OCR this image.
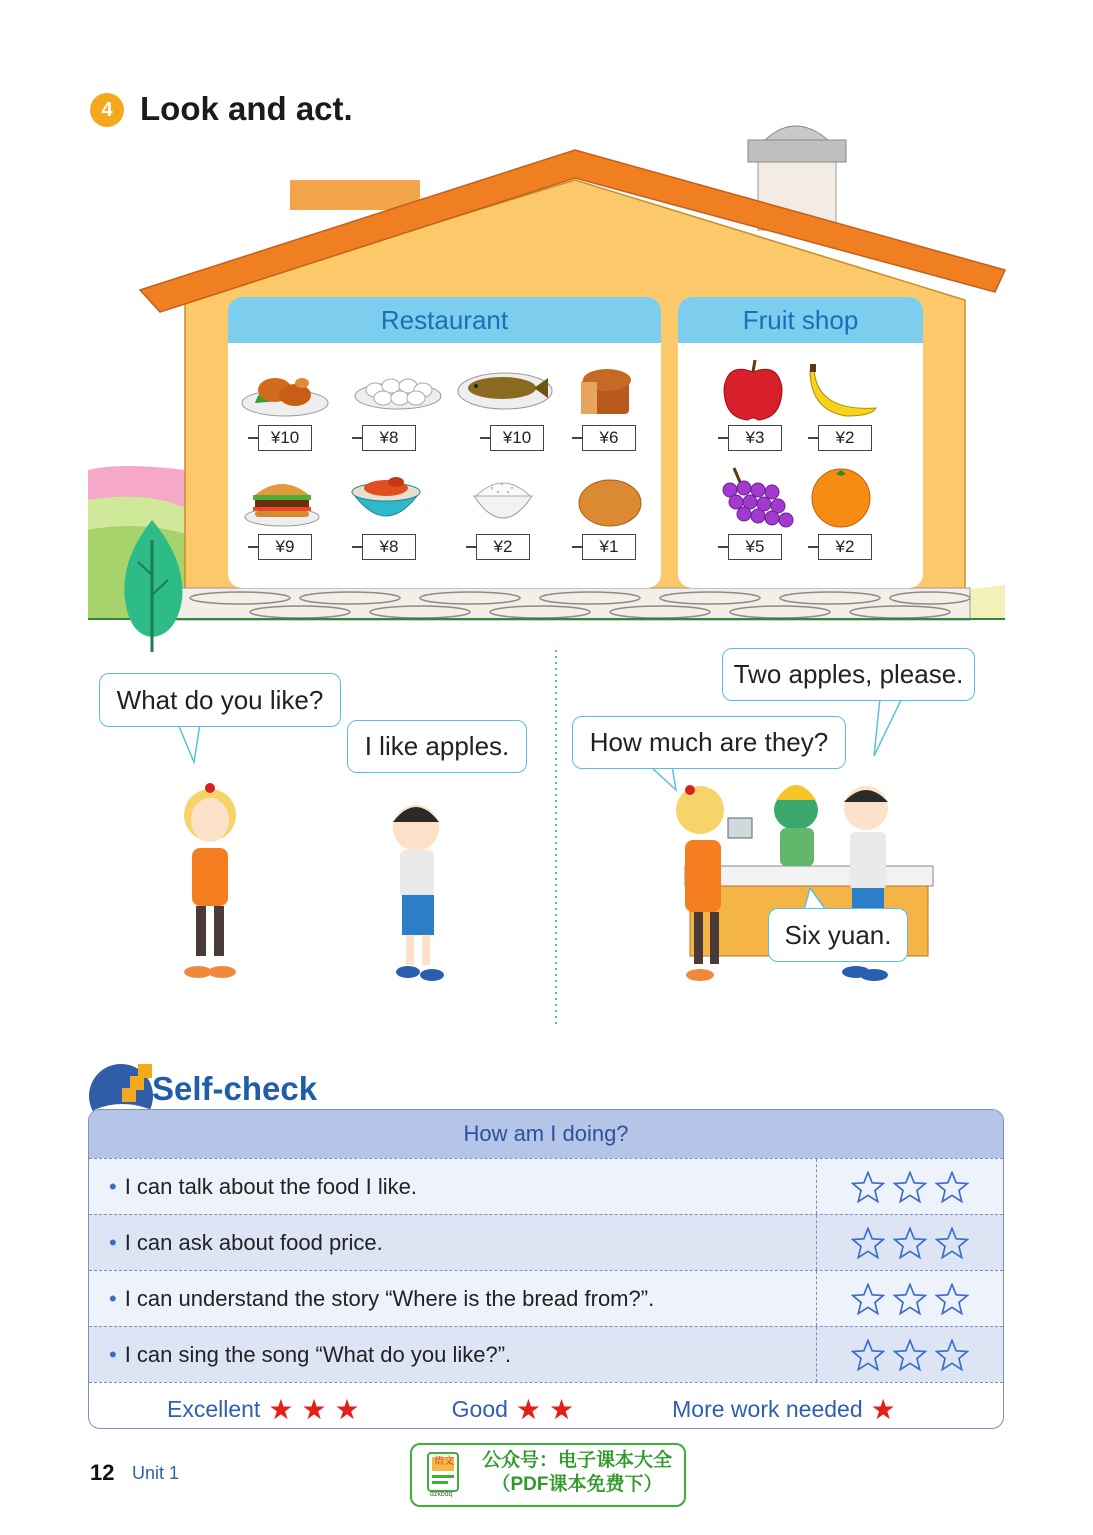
4 Look and act.
Restaurant	Fruit shop
¥10	¥8	¥10	¥6
¥9	¥8	¥2	¥1
¥3	¥2
¥5	¥2
What do you like?
I like apples.
Two apples, please.
How much are they?
Six yuan.
Self-check
How am I doing?
• I can talk about the food I like.
• I can ask about food price.
• I can understand the story “Where is the bread from?”.
• I can sing the song “What do you like?”.
Excellent ★ ★ ★	Good ★ ★	More work needed ★
12 Unit 1
语文
dzkbdq
公众号：电子课本大全
（PDF课本免费下）
